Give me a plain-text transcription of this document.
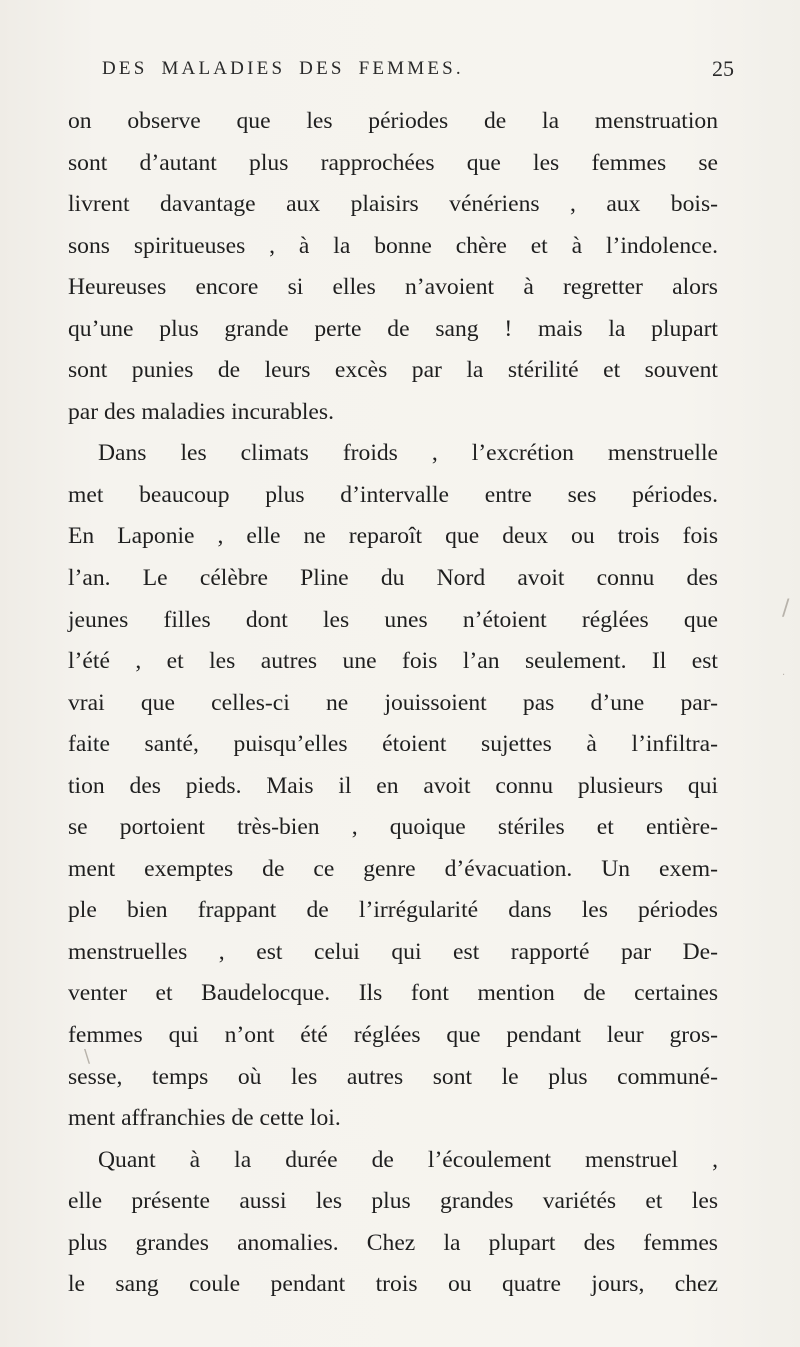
DES MALADIES DES FEMMES.	25
on observe que les périodes de la menstruation
sont d’autant plus rapprochées que les femmes se
livrent davantage aux plaisirs vénériens , aux bois-
sons spiritueuses , à la bonne chère et à l’indolence.
Heureuses encore si elles n’avoient à regretter alors
qu’une plus grande perte de sang ! mais la plupart
sont punies de leurs excès par la stérilité et souvent
par des maladies incurables.
Dans les climats froids , l’excrétion menstruelle
met beaucoup plus d’intervalle entre ses périodes.
En Laponie , elle ne reparoît que deux ou trois fois
l’an. Le célèbre Pline du Nord avoit connu des
jeunes filles dont les unes n’étoient réglées que
l’été , et les autres une fois l’an seulement. Il est
vrai que celles-ci ne jouissoient pas d’une par-
faite santé, puisqu’elles étoient sujettes à l’infiltra-
tion des pieds. Mais il en avoit connu plusieurs qui
se portoient très-bien , quoique stériles et entière-
ment exemptes de ce genre d’évacuation. Un exem-
ple bien frappant de l’irrégularité dans les périodes
menstruelles , est celui qui est rapporté par De-
venter et Baudelocque. Ils font mention de certaines
femmes qui n’ont été réglées que pendant leur gros-
sesse, temps où les autres sont le plus communé-
ment affranchies de cette loi.
Quant à la durée de l’écoulement menstruel ,
elle présente aussi les plus grandes variétés et les
plus grandes anomalies. Chez la plupart des femmes
le sang coule pendant trois ou quatre jours, chez
/
·
\
